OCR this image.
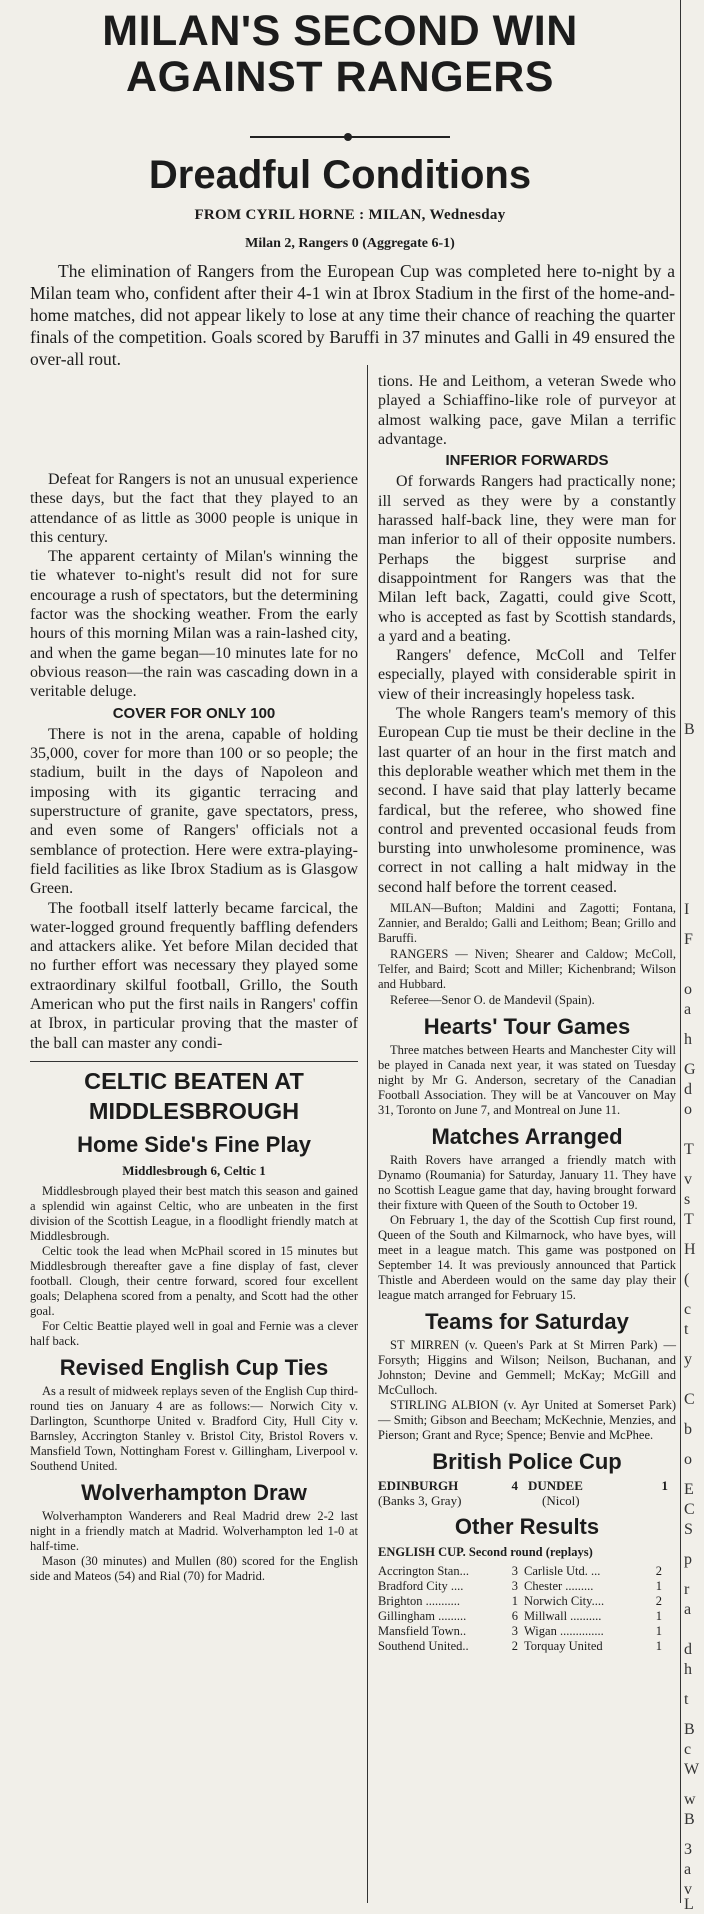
MILAN'S SECOND WIN
AGAINST RANGERS
Dreadful Conditions
FROM CYRIL HORNE : MILAN, Wednesday
Milan 2, Rangers 0 (Aggregate 6-1)

The elimination of Rangers from the European Cup was completed here to-night by a Milan team who, confident after their 4-1 win at Ibrox Stadium in the first of the home-and-home matches, did not appear likely to lose at any time their chance of reaching the quarter finals of the competition. Goals scored by Baruffi in 37 minutes and Galli in 49 ensured the over-all rout.

Defeat for Rangers is not an unusual experience these days, but the fact that they played to an attendance of as little as 3000 people is unique in this century.

The apparent certainty of Milan's winning the tie whatever to-night's result did not for sure encourage a rush of spectators, but the determining factor was the shocking weather. From the early hours of this morning Milan was a rain-lashed city, and when the game began—10 minutes late for no obvious reason—the rain was cascading down in a veritable deluge.

COVER FOR ONLY 100

There is not in the arena, capable of holding 35,000, cover for more than 100 or so people; the stadium, built in the days of Napoleon and imposing with its gigantic terracing and superstructure of granite, gave spectators, press, and even some of Rangers' officials not a semblance of protection. Here were extra-playing-field facilities as like Ibrox Stadium as is Glasgow Green.

The football itself latterly became farcical, the water-logged ground frequently baffling defenders and attackers alike. Yet before Milan decided that no further effort was necessary they played some extraordinary skilful football, Grillo, the South American who put the first nails in Rangers' coffin at Ibrox, in particular proving that the master of the ball can master any condi-

CELTIC BEATEN AT
MIDDLESBROUGH
Home Side's Fine Play
Middlesbrough 6, Celtic 1

Middlesbrough played their best match this season and gained a splendid win against Celtic, who are unbeaten in the first division of the Scottish League, in a floodlight friendly match at Middlesbrough.

Celtic took the lead when McPhail scored in 15 minutes but Middlesbrough thereafter gave a fine display of fast, clever football. Clough, their centre forward, scored four excellent goals; Delaphena scored from a penalty, and Scott had the other goal.

For Celtic Beattie played well in goal and Fernie was a clever half back.

Revised English Cup Ties

As a result of midweek replays seven of the English Cup third-round ties on January 4 are as follows:— Norwich City v. Darlington, Scunthorpe United v. Bradford City, Hull City v. Barnsley, Accrington Stanley v. Bristol City, Bristol Rovers v. Mansfield Town, Nottingham Forest v. Gillingham, Liverpool v. Southend United.

Wolverhampton Draw

Wolverhampton Wanderers and Real Madrid drew 2-2 last night in a friendly match at Madrid. Wolverhampton led 1-0 at half-time.

Mason (30 minutes) and Mullen (80) scored for the English side and Mateos (54) and Rial (70) for Madrid.

tions. He and Leithom, a veteran Swede who played a Schiaffino-like role of purveyor at almost walking pace, gave Milan a terrific advantage.

INFERIOR FORWARDS

Of forwards Rangers had practically none; ill served as they were by a constantly harassed half-back line, they were man for man inferior to all of their opposite numbers. Perhaps the biggest surprise and disappointment for Rangers was that the Milan left back, Zagatti, could give Scott, who is accepted as fast by Scottish standards, a yard and a beating.

Rangers' defence, McColl and Telfer especially, played with considerable spirit in view of their increasingly hopeless task.

The whole Rangers team's memory of this European Cup tie must be their decline in the last quarter of an hour in the first match and this deplorable weather which met them in the second. I have said that play latterly became fardical, but the referee, who showed fine control and prevented occasional feuds from bursting into unwholesome prominence, was correct in not calling a halt midway in the second half before the torrent ceased.

MILAN—Bufton; Maldini and Zagotti; Fontana, Zannier, and Beraldo; Galli and Leithom; Bean; Grillo and Baruffi.

RANGERS — Niven; Shearer and Caldow; McColl, Telfer, and Baird; Scott and Miller; Kichenbrand; Wilson and Hubbard.

Referee—Senor O. de Mandevil (Spain).

Hearts' Tour Games

Three matches between Hearts and Manchester City will be played in Canada next year, it was stated on Tuesday night by Mr G. Anderson, secretary of the Canadian Football Association. They will be at Vancouver on May 31, Toronto on June 7, and Montreal on June 11.

Matches Arranged

Raith Rovers have arranged a friendly match with Dynamo (Roumania) for Saturday, January 11. They have no Scottish League game that day, having brought forward their fixture with Queen of the South to October 19.

On February 1, the day of the Scottish Cup first round, Queen of the South and Kilmarnock, who have byes, will meet in a league match. This game was postponed on September 14. It was previously announced that Partick Thistle and Aberdeen would on the same day play their league match arranged for February 15.

Teams for Saturday

ST MIRREN (v. Queen's Park at St Mirren Park) — Forsyth; Higgins and Wilson; Neilson, Buchanan, and Johnston; Devine and Gemmell; McKay; McGill and McCulloch.

STIRLING ALBION (v. Ayr United at Somerset Park) — Smith; Gibson and Beecham; McKechnie, Menzies, and Pierson; Grant and Ryce; Spence; Benvie and McPhee.

British Police Cup
EDINBURGH	4 DUNDEE	1
(Banks 3, Gray)	(Nicol)
Other Results
ENGLISH CUP. Second round (replays)
Accrington Stan...	3 Carlisle Utd. ...	2
Bradford City ....	3 Chester .........	1
Brighton ...........	1 Norwich City....	2
Gillingham .........	6 Millwall ..........	1
Mansfield Town..	3 Wigan ..............	1
Southend United..	2 Torquay United	1
B
I
F
o
a
h
G
d
o
T
v
s
T
H
(
c
t
y
C
b
o
E
C
S
p
r
a
d
h
t
B
c
W
w
B
3
a
v
L
